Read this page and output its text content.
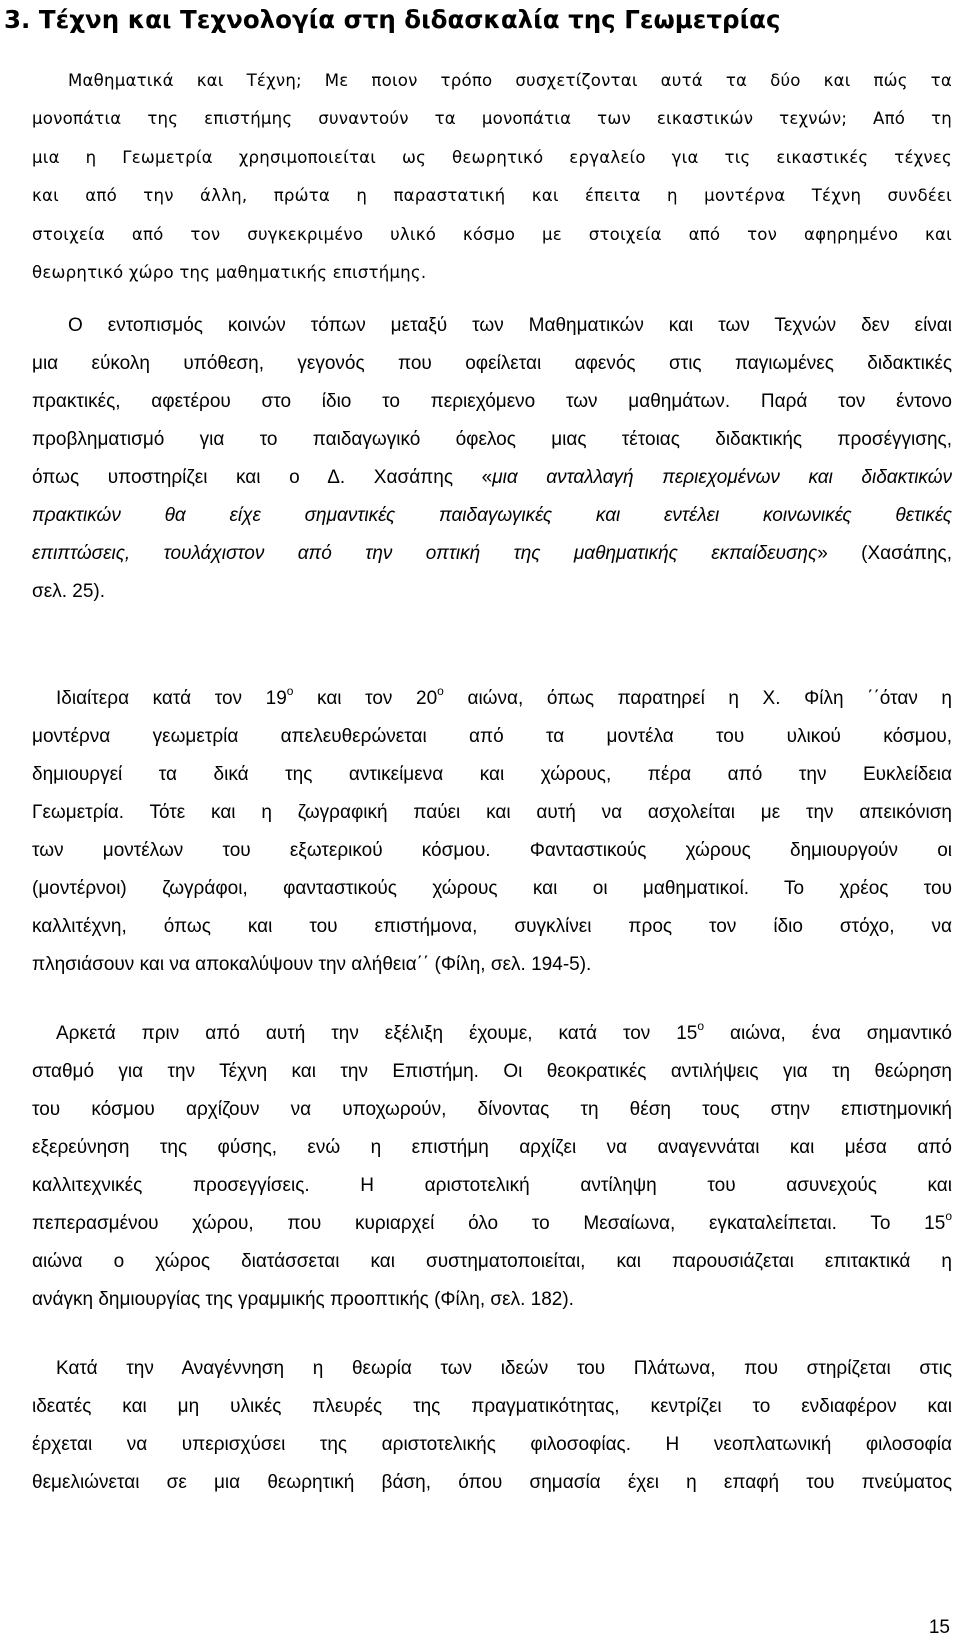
3. Τέχνη και Τεχνολογία στη διδασκαλία της Γεωμετρίας
Μαθηματικά και Τέχνη; Με ποιον τρόπο συσχετίζονται αυτά τα δύο και πώς τα
μονοπάτια της επιστήμης συναντούν τα μονοπάτια των εικαστικών τεχνών; Από τη
μια η Γεωμετρία χρησιμοποιείται ως θεωρητικό εργαλείο για τις εικαστικές τέχνες
και από την άλλη, πρώτα η παραστατική και έπειτα η μοντέρνα Τέχνη συνδέει
στοιχεία από τον συγκεκριμένο υλικό κόσμο με στοιχεία από τον αφηρημένο και
θεωρητικό χώρο της μαθηματικής επιστήμης.
Ο εντοπισμός κοινών τόπων μεταξύ των Μαθηματικών και των Τεχνών δεν είναι
μια εύκολη υπόθεση, γεγονός που οφείλεται αφενός στις παγιωμένες διδακτικές
πρακτικές, αφετέρου στο ίδιο το περιεχόμενο των μαθημάτων. Παρά τον έντονο
προβληματισμό για το παιδαγωγικό όφελος μιας τέτοιας διδακτικής προσέγγισης,
όπως υποστηρίζει και ο Δ. Χασάπης «μια ανταλλαγή περιεχομένων και διδακτικών
πρακτικών θα είχε σημαντικές παιδαγωγικές και εντέλει κοινωνικές θετικές
επιπτώσεις, τουλάχιστον από την οπτική της μαθηματικής εκπαίδευσης» (Χασάπης,
σελ. 25).
Ιδιαίτερα κατά τον $19^o$ και τον $20^o$ αιώνα, όπως παρατηρεί η Χ. Φίλη ΄΄όταν η
μοντέρνα γεωμετρία απελευθερώνεται από τα μοντέλα του υλικού κόσμου,
δημιουργεί τα δικά της αντικείμενα και χώρους, πέρα από την Ευκλείδεια
Γεωμετρία. Τότε και η ζωγραφική παύει και αυτή να ασχολείται με την απεικόνιση
των μοντέλων του εξωτερικού κόσμου. Φανταστικούς χώρους δημιουργούν οι
(μοντέρνοι) ζωγράφοι, φανταστικούς χώρους και οι μαθηματικοί. Το χρέος του
καλλιτέχνη, όπως και του επιστήμονα, συγκλίνει προς τον ίδιο στόχο, να
πλησιάσουν και να αποκαλύψουν την αλήθεια΄΄ (Φίλη, σελ. 194-5).
Αρκετά πριν από αυτή την εξέλιξη έχουμε, κατά τον $15^o$ αιώνα, ένα σημαντικό
σταθμό για την Τέχνη και την Επιστήμη. Οι θεοκρατικές αντιλήψεις για τη θεώρηση
του κόσμου αρχίζουν να υποχωρούν, δίνοντας τη θέση τους στην επιστημονική
εξερεύνηση της φύσης, ενώ η επιστήμη αρχίζει να αναγεννάται και μέσα από
καλλιτεχνικές προσεγγίσεις. Η αριστοτελική αντίληψη του ασυνεχούς και
πεπερασμένου χώρου, που κυριαρχεί όλο το Μεσαίωνα, εγκαταλείπεται. Το $15^o$
αιώνα ο χώρος διατάσσεται και συστηματοποιείται, και παρουσιάζεται επιτακτικά η
ανάγκη δημιουργίας της γραμμικής προοπτικής (Φίλη, σελ. 182).
Κατά την Αναγέννηση η θεωρία των ιδεών του Πλάτωνα, που στηρίζεται στις
ιδεατές και μη υλικές πλευρές της πραγματικότητας, κεντρίζει το ενδιαφέρον και
έρχεται να υπερισχύσει της αριστοτελικής φιλοσοφίας. Η νεοπλατωνική φιλοσοφία
θεμελιώνεται σε μια θεωρητική βάση, όπου σημασία έχει η επαφή του πνεύματος
15
